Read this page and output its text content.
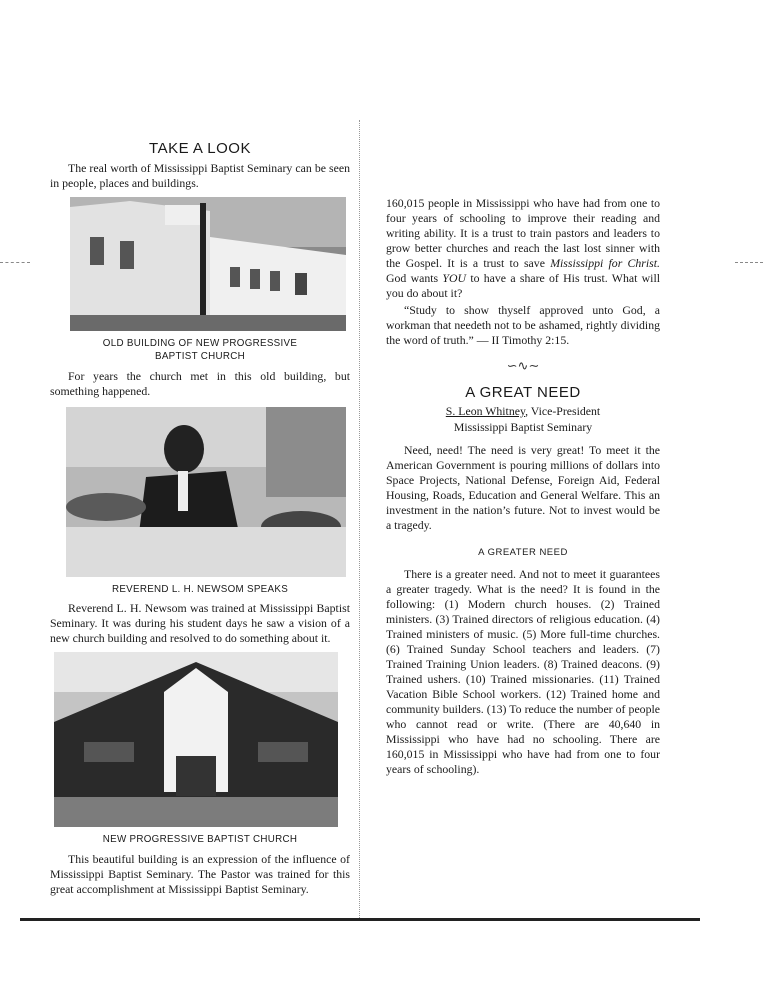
TAKE A LOOK

The real worth of Mississippi Baptist Seminary can be seen in people, places and buildings.

OLD BUILDING OF NEW PROGRESSIVE
BAPTIST CHURCH

For years the church met in this old building, but something happened.

REVEREND L. H. NEWSOM SPEAKS

Reverend L. H. Newsom was trained at Mississippi Baptist Seminary. It was during his student days he saw a vision of a new church building and resolved to do something about it.

NEW PROGRESSIVE BAPTIST CHURCH

This beautiful building is an expression of the influence of Mississippi Baptist Seminary. The Pastor was trained for this great accomplishment at Mississippi Baptist Seminary.

160,015 people in Mississippi who have had from one to four years of schooling to improve their reading and writing ability. It is a trust to train pastors and leaders to grow better churches and reach the last lost sinner with the Gospel. It is a trust to save Mississippi for Christ. God wants YOU to have a share of His trust. What will you do about it?

“Study to show thyself approved unto God, a workman that needeth not to be ashamed, rightly dividing the word of truth.” — II Timothy 2:15.

∽∿∼
A GREAT NEED
S. Leon Whitney, Vice-President
Mississippi Baptist Seminary

Need, need! The need is very great! To meet it the American Government is pouring millions of dollars into Space Projects, National Defense, Foreign Aid, Federal Housing, Roads, Education and General Welfare. This an investment in the nation’s future. Not to invest would be a tragedy.

A GREATER NEED

There is a greater need. And not to meet it guarantees a greater tragedy. What is the need? It is found in the following: (1) Modern church houses. (2) Trained ministers. (3) Trained directors of religious education. (4) Trained ministers of music. (5) More full-time churches. (6) Trained Sunday School teachers and leaders. (7) Trained Training Union leaders. (8) Trained deacons. (9) Trained ushers. (10) Trained missionaries. (11) Trained Vacation Bible School workers. (12) Trained home and community builders. (13) To reduce the number of people who cannot read or write. (There are 40,640 in Mississippi who have had no schooling. There are 160,015 in Mississippi who have had from one to four years of schooling).
